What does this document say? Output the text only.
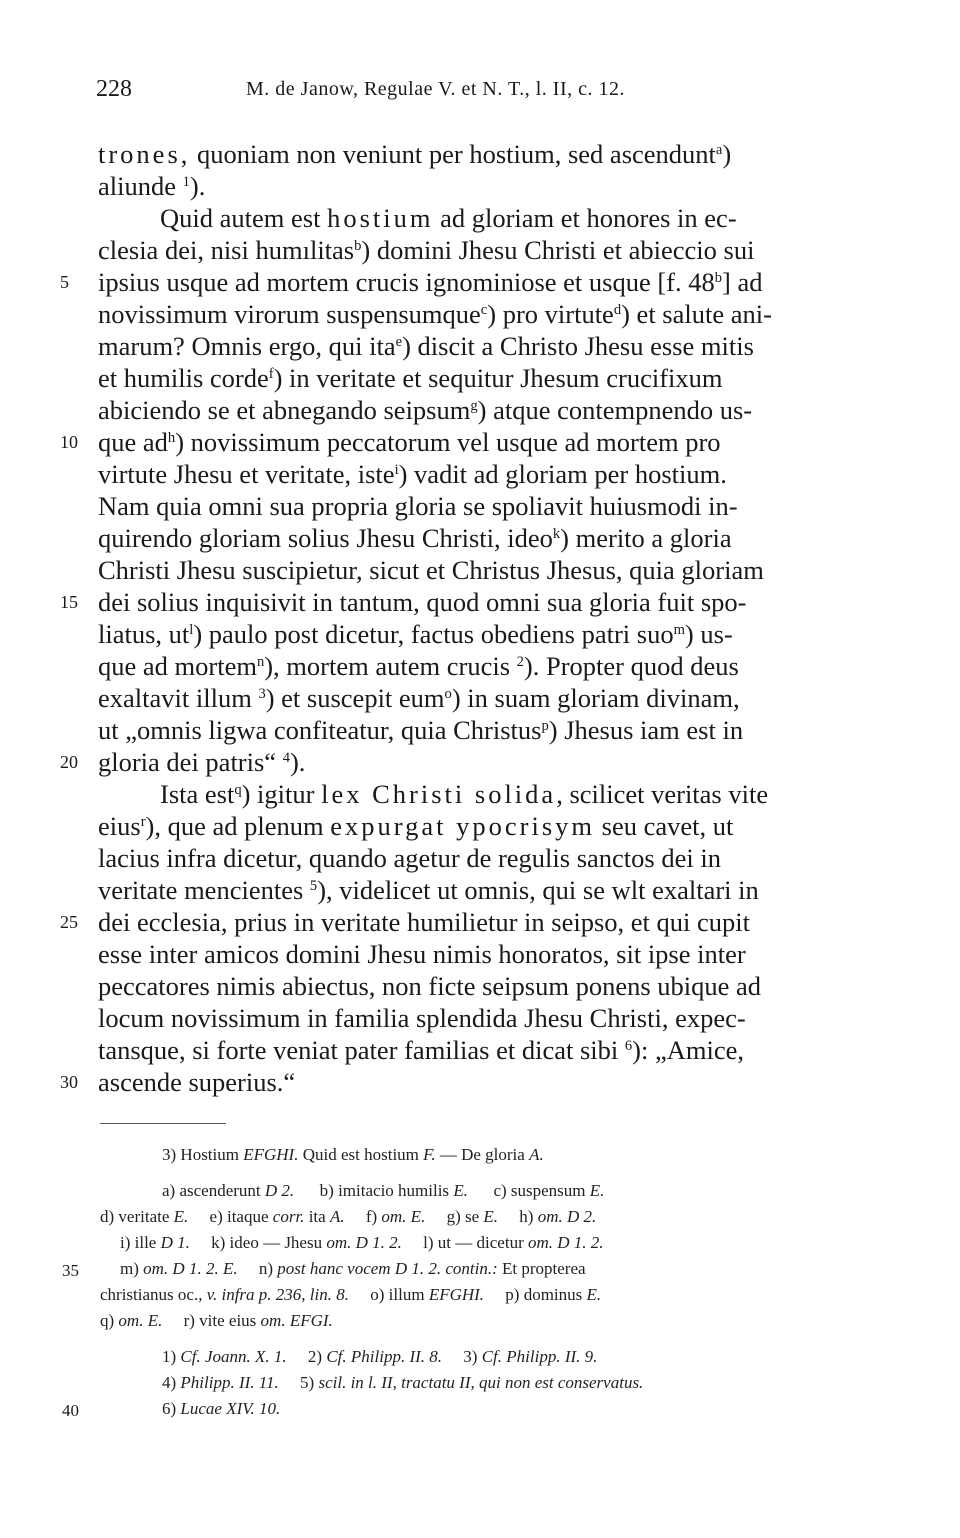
228	M. de Janow, Regulae V. et N. T., l. II, c. 12.
5
10
15
20
25
30
trones, quoniam non veniunt per hostium, sed ascendunt$^a$)
aliunde $^1$).
Quid autem est hostium ad gloriam et honores in ec-
clesia dei, nisi humılitas$^b$) domini Jhesu Christi et abieccio sui
ipsius usque ad mortem crucis ignominiose et usque [f. 48$^b$] ad
novissimum virorum suspensumque$^c$) pro virtute$^d$) et salute ani-
marum? Omnis ergo, qui ita$^e$) discit a Christo Jhesu esse mitis
et humilis corde$^f$) in veritate et sequitur Jhesum crucifixum
abiciendo se et abnegando seipsum$^g$) atque contempnendo us-
que $ad^h$) novissimum peccatorum vel usque ad mortem pro
virtute Jhesu et veritate, iste$^i$) vadit ad gloriam per hostium.
Nam quia omni sua propria gloria se spoliavit huiusmodi in-
quirendo gloriam solius Jhesu Christi, ideo$^k$) merito a gloria
Christi Jhesu suscipietur, sicut et Christus Jhesus, quia gloriam
dei solius inquisivit in tantum, quod omni sua gloria fuit spo-
liatus, $ut^l$) paulo post dicetur, factus obediens patri suo$^m$) us-
que ad mortem$^n$), mortem autem crucis $^2$). Propter quod deus
exaltavit illum $^3$) et suscepit eum$^o$) in suam gloriam divinam,
ut „omnis ligwa confiteatur, quia Christus$^p$) Jhesus iam est in
gloria dei patris“ $^4$).
Ista est$^q$) igitur lex Christi solida, scilicet veritas vite
eius$^r$), que ad plenum expurgat ypocrisym seu cavet, ut
lacius infra dicetur, quando agetur de regulis sanctos dei in
veritate mencientes $^5$), videlicet ut omnis, qui se wlt exaltari in
dei ecclesia, prius in veritate humilietur in seipso, et qui cupit
esse inter amicos domini Jhesu nimis honoratos, sit ipse inter
peccatores nimis abiectus, non ficte seipsum ponens ubique ad
locum novissimum in familia splendida Jhesu Christi, expec-
tansque, si forte veniat pater familias et dicat sibi $^6$): „Amice,
ascende superius.“
3) Hostium EFGHI. Quid est hostium F. — De gloria A.
a) ascenderunt D 2.      b) imitacio humilis E.      c) suspensum E.
d) veritate E.     e) itaque corr. ita A.     f) om. E.     g) se E.     h) om. D 2.
i) ille D 1.     k) ideo — Jhesu om. D 1. 2.     l) ut — dicetur om. D 1. 2.
35	m) om. D 1. 2. E.     n) post hanc vocem D 1. 2. contin.: Et propterea
christianus oc., v. infra p. 236, lin. 8.     o) illum EFGHI.     p) dominus E.
q) om. E.     r) vite eius om. EFGI.
1) Cf. Joann. X. 1.     2) Cf. Philipp. II. 8.     3) Cf. Philipp. II. 9.
4) Philipp. II. 11.     5) scil. in l. II, tractatu II, qui non est conservatus.
40	6) Lucae XIV. 10.
